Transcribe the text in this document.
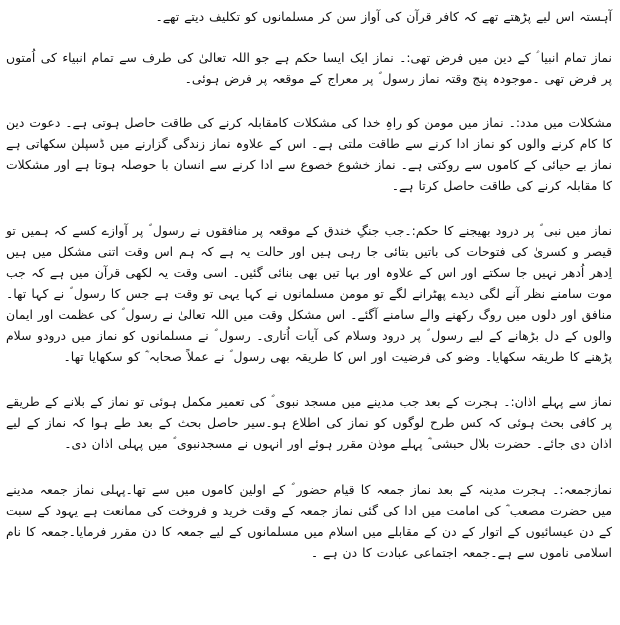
آہستہ اس لیے پڑھتے تھے کہ کافر قرآن کی آواز سن کر مسلمانوں کو تکلیف دیتے تھے۔

نماز تمام انبیا ؑ کے دین میں فرض تھی:۔ نماز ایک ایسا حکم ہے جو اللہ تعالیٰ کی طرف سے تمام انبیاء کی اُمتوں پر فرض تھی ۔موجودہ پنج وقتہ نماز رسول ؐ پر معراج کے موقعہ پر فرض ہوئی۔

مشکلات میں مدد:۔ نماز میں مومن کو راہِ خدا کی مشکلات کامقابلہ کرنے کی طاقت حاصل ہوتی ہے۔ دعوت دین کا کام کرنے والوں کو نماز ادا کرنے سے طاقت ملتی ہے۔ اس کے علاوہ نماز زندگی گزارنے میں ڈسپلن سکھاتی ہے نماز بے حیائی کے کاموں سے روکتی ہے۔ نماز خشوع خصوع سے ادا کرنے سے انسان با حوصلہ ہوتا ہے اور مشکلات کا مقابلہ کرنے کی طاقت حاصل کرتا ہے۔

نماز میں نبی ؐ پر درود بھیجنے کا حکم:۔جب جنگِ خندق کے موقعہ پر منافقوں نے رسول ؐ پر آوازے کسے کہ ہمیں تو قیصر و کسریٰ کی فتوحات کی باتیں بتائی جا رہی ہیں اور حالت یہ ہے کہ ہم اس وقت اتنی مشکل میں ہیں اِدھر اُدھر نہیں جا سکتے اور اس کے علاوہ اور بہا تیں بھی بنائی گئیں۔ اسی وقت یہ لکھی قرآن میں ہے کہ جب موت سامنے نظر آنے لگی دیدے پھٹرانے لگے تو مومن مسلمانوں نے کہا یہی تو وقت ہے جس کا رسول ؐ نے کہا تھا۔ منافق اور دلوں میں روگ رکھنے والے سامنے آگئے۔ اس مشکل وقت میں اللہ تعالیٰ نے رسول ؐ کی عظمت اور ایمان والوں کے دل بڑھانے کے لیے رسول ؐ پر درود وسلام کی آیات اُتاری۔ رسول ؐ نے مسلمانوں کو نماز میں درودو سلام پڑھنے کا طریقہ سکھایا۔ وضو کی فرضیت اور اس کا طریقہ بھی رسول ؐ نے عملاً صحابہ ؓ کو سکھایا تھا۔

نماز سے پہلے اذان:۔ ہجرت کے بعد جب مدینے میں مسجد نبوی ؐ کی تعمیر مکمل ہوئی تو نماز کے بلانے کے طریقے پر کافی بحث ہوئی کہ کس طرح لوگوں کو نماز کی اطلاع ہو۔سیر حاصل بحث کے بعد طے ہوا کہ نماز کے لیے اذان دی جائے۔ حضرت بلال حبشی ؓ پہلے موذن مقرر ہوئے اور انہوں نے مسجدنبوی ؐ میں پہلی اذان دی۔

نمازجمعہ:۔ ہجرت مدینہ کے بعد نماز جمعہ کا قیام حضور ؐ کے اولین کاموں میں سے تھا۔پہلی نماز جمعہ مدینے میں حضرت مصعب ؓ کی امامت میں ادا کی گئی نماز جمعہ کے وقت خرید و فروخت کی ممانعت ہے یہود کے سبت کے دن عیسائیوں کے اتوار کے دن کے مقابلے میں اسلام میں مسلمانوں کے لیے جمعہ کا دن مقرر فرمایا۔جمعہ کا نام اسلامی ناموں سے ہے۔جمعہ اجتماعی عبادت کا دن ہے ۔
